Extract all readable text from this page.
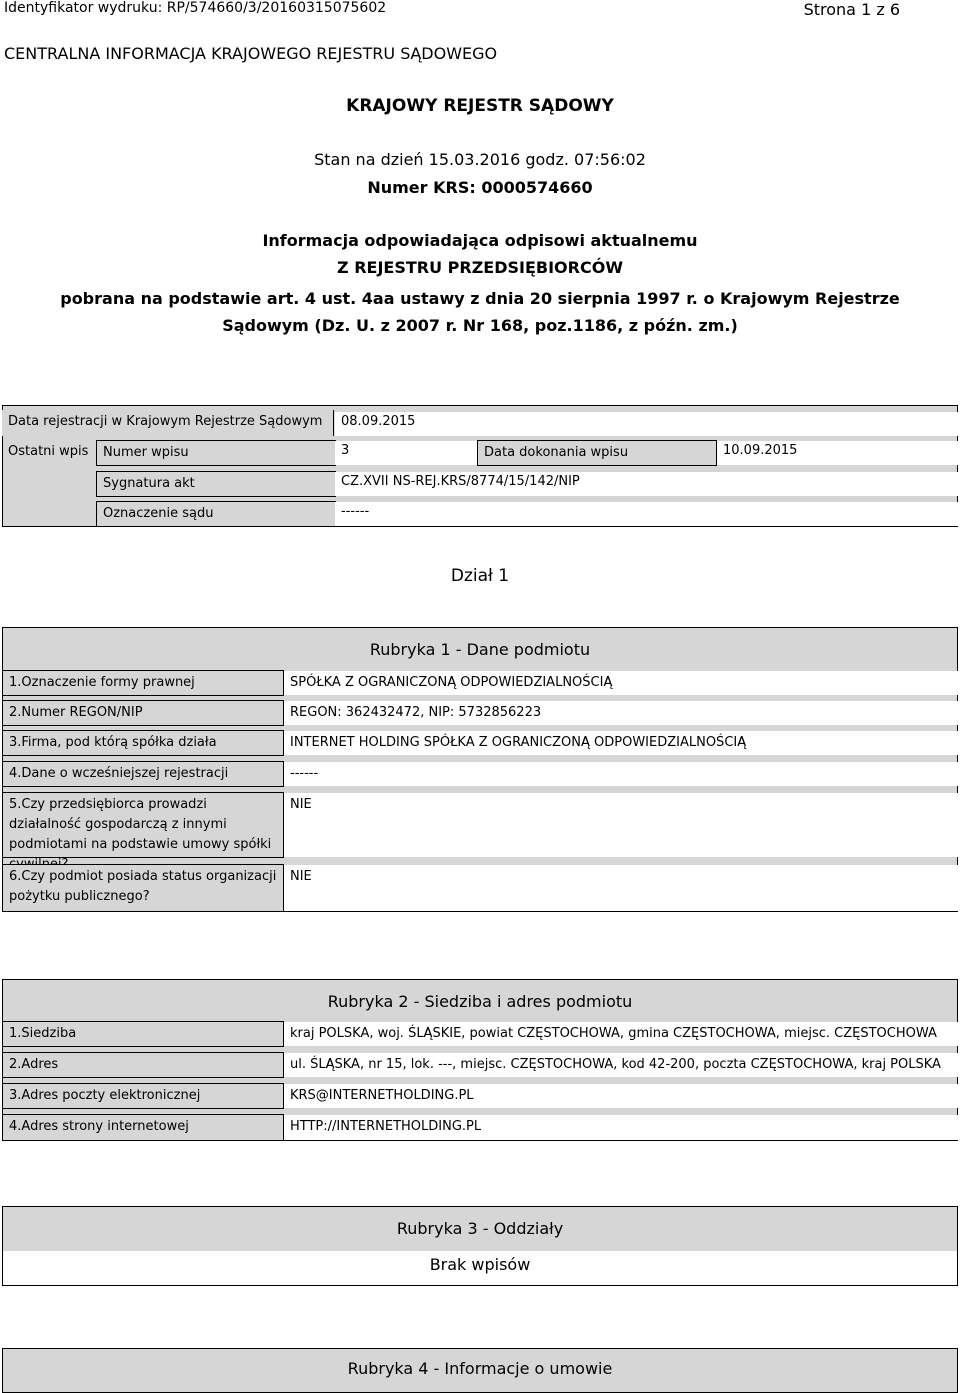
Identyfikator wydruku: RP/574660/3/20160315075602	Strona 1 z 6
CENTRALNA INFORMACJA KRAJOWEGO REJESTRU SĄDOWEGO
KRAJOWY REJESTR SĄDOWY
Stan na dzień 15.03.2016 godz. 07:56:02
Numer KRS: 0000574660
Informacja odpowiadająca odpisowi aktualnemu
Z REJESTRU PRZEDSIĘBIORCÓW
pobrana na podstawie art. 4 ust. 4aa ustawy z dnia 20 sierpnia 1997 r. o Krajowym Rejestrze
Sądowym (Dz. U. z 2007 r. Nr 168, poz.1186, z późn. zm.)
Data rejestracji w Krajowym Rejestrze Sądowym	08.09.2015
Ostatni wpis	Numer wpisu	3	Data dokonania wpisu	10.09.2015
Sygnatura akt	CZ.XVII NS-REJ.KRS/8774/15/142/NIP
Oznaczenie sądu	------
Dział 1
Rubryka 1 - Dane podmiotu
1.Oznaczenie formy prawnej	SPÓŁKA Z OGRANICZONĄ ODPOWIEDZIALNOŚCIĄ
2.Numer REGON/NIP	REGON: 362432472, NIP: 5732856223
3.Firma, pod którą spółka działa	INTERNET HOLDING SPÓŁKA Z OGRANICZONĄ ODPOWIEDZIALNOŚCIĄ
4.Dane o wcześniejszej rejestracji	------
5.Czy przedsiębiorca prowadzi działalność gospodarczą z innymi podmiotami na podstawie umowy spółki
NIE
6.Czy podmiot posiada status organizacji pożytku publicznego?
NIE
Rubryka 2 - Siedziba i adres podmiotu
1.Siedziba	kraj POLSKA, woj. ŚLĄSKIE, powiat CZĘSTOCHOWA, gmina CZĘSTOCHOWA, miejsc. CZĘSTOCHOWA
2.Adres	ul. ŚLĄSKA, nr 15, lok. ---, miejsc. CZĘSTOCHOWA, kod 42-200, poczta CZĘSTOCHOWA, kraj POLSKA
3.Adres poczty elektronicznej	KRS@INTERNETHOLDING.PL
4.Adres strony internetowej	HTTP://INTERNETHOLDING.PL
Rubryka 3 - Oddziały
Brak wpisów
Rubryka 4 - Informacje o umowie
